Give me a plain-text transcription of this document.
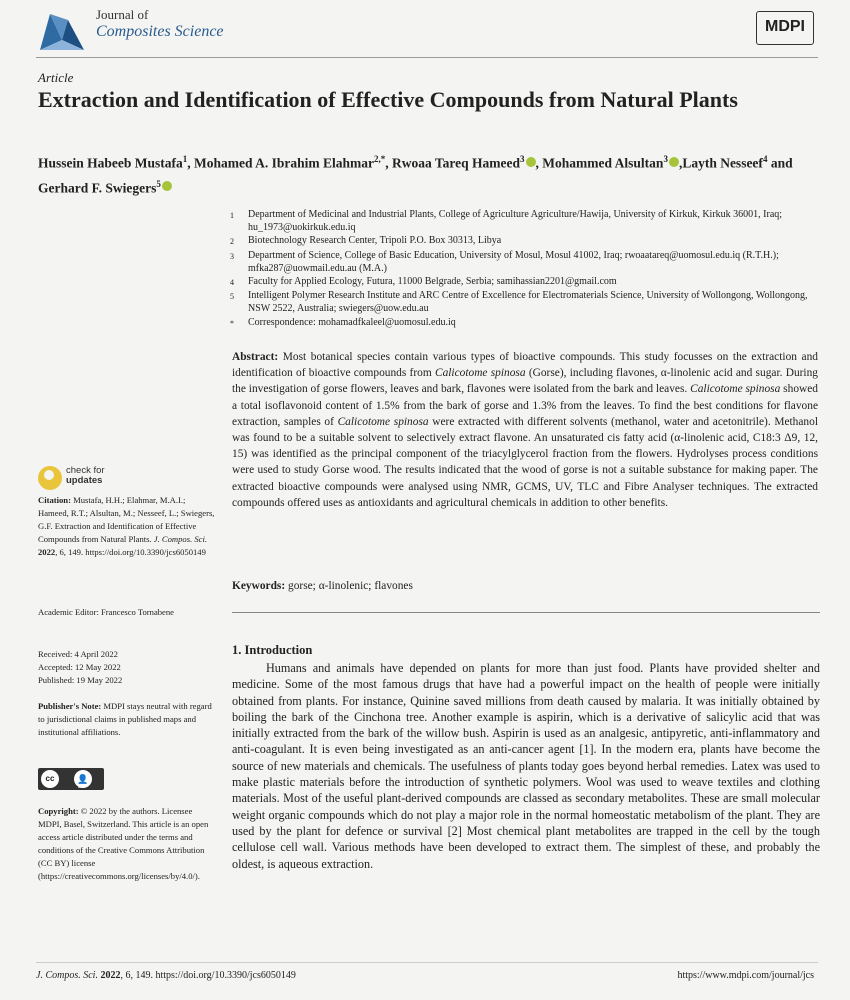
Journal of
Composites Science	MDPI
Article
Extraction and Identification of Effective Compounds from Natural Plants
Hussein Habeeb Mustafa$^1$, Mohamed A. Ibrahim Elahmar$^{2,*}$, Rwoaa Tareq Hameed$^3$ , Mohammed Alsultan$^3$ ,Layth Nesseef$^4$ and Gerhard F. Swiegers$^5$
1	Department of Medicinal and Industrial Plants, College of Agriculture Agriculture/Hawija, University of Kirkuk, Kirkuk 36001, Iraq; hu_1973@uokirkuk.edu.iq
2	Biotechnology Research Center, Tripoli P.O. Box 30313, Libya
3	Department of Science, College of Basic Education, University of Mosul, Mosul 41002, Iraq; rwoaatareq@uomosul.edu.iq (R.T.H.); mfka287@uowmail.edu.au (M.A.)
4	Faculty for Applied Ecology, Futura, 11000 Belgrade, Serbia; samihassian2201@gmail.com
5	Intelligent Polymer Research Institute and ARC Centre of Excellence for Electromaterials Science, University of Wollongong, Wollongong, NSW 2522, Australia; swiegers@uow.edu.au
*	Correspondence: mohamadfkaleel@uomosul.edu.iq

Abstract: Most botanical species contain various types of bioactive compounds. This study focusses on the extraction and identification of bioactive compounds from Calicotome spinosa (Gorse), including flavones, α-linolenic acid and sugar. During the investigation of gorse flowers, leaves and bark, flavones were isolated from the bark and leaves. Calicotome spinosa showed a total isoflavonoid content of 1.5% from the bark of gorse and 1.3% from the leaves. To find the best conditions for flavone extraction, samples of Calicotome spinosa were extracted with different solvents (methanol, water and acetonitrile). Methanol was found to be a suitable solvent to selectively extract flavone. An unsaturated cis fatty acid (α-linolenic acid, C18:3 Δ9, 12, 15) was identified as the principal component of the triacylglycerol fraction from the flowers. Hydrolyses process conditions were used to study Gorse wood. The results indicated that the wood of gorse is not a suitable substance for making paper. The extracted bioactive compounds were analysed using NMR, GCMS, UV, TLC and Fibre Analyser techniques. The extracted compounds offered uses as antioxidants and agricultural chemicals in addition to other benefits.

Keywords: gorse; α-linolenic; flavones

1. Introduction

Humans and animals have depended on plants for more than just food. Plants have provided shelter and medicine. Some of the most famous drugs that have had a powerful impact on the health of people were initially obtained from plants. For instance, Quinine saved millions from death caused by malaria. It was initially obtained by boiling the bark of the Cinchona tree. Another example is aspirin, which is a derivative of salicylic acid that was initially extracted from the bark of the willow bush. Aspirin is used as an analgesic, antipyretic, anti-inflammatory and anti-coagulant. It is even being investigated as an anti-cancer agent [1]. In the modern era, plants have become the source of new materials and chemicals. The usefulness of plants today goes beyond herbal remedies. Latex was used to make plastic materials before the introduction of synthetic polymers. Wool was used to weave textiles and clothing materials. Most of the useful plant-derived compounds are classed as secondary metabolites. These are small molecular weight organic compounds which do not play a major role in the normal homeostatic metabolism of the plant. They are used by the plant for defence or survival [2] Most chemical plant metabolites are trapped in the cell by the tough cellulose cell wall. Various methods have been developed to extract them. The simplest of these, and probably the oldest, is aqueous extraction.

check for
updates

Citation: Mustafa, H.H.; Elahmar, M.A.I.; Hameed, R.T.; Alsultan, M.; Nesseef, L.; Swiegers, G.F. Extraction and Identification of Effective Compounds from Natural Plants. J. Compos. Sci. 2022, 6, 149. https://doi.org/10.3390/jcs6050149

Academic Editor: Francesco Tornabene

Received: 4 April 2022
Accepted: 12 May 2022
Published: 19 May 2022

Publisher's Note: MDPI stays neutral with regard to jurisdictional claims in published maps and institutional affiliations.

cc	👤
BY

Copyright: © 2022 by the authors. Licensee MDPI, Basel, Switzerland. This article is an open access article distributed under the terms and conditions of the Creative Commons Attribution (CC BY) license (https://creativecommons.org/licenses/by/4.0/).

J. Compos. Sci. 2022, 6, 149. https://doi.org/10.3390/jcs6050149	https://www.mdpi.com/journal/jcs
